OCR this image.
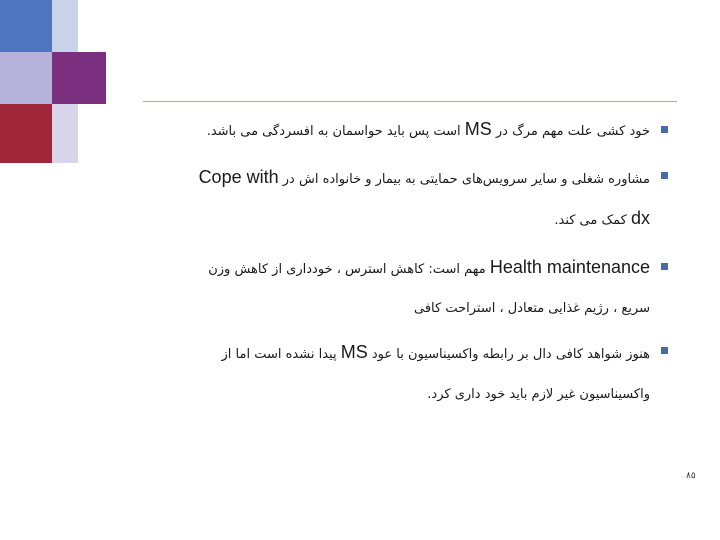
خود کشی علت مهم مرگ در MS است پس باید حواسمان به افسردگی می باشد.
مشاوره شغلی و سایر سرویس‌های حمایتی به بیمار و خانواده اش در Cope with
dx کمک می کند.
Health maintenance مهم است: کاهش استرس ، خودداری از کاهش وزن
سریع ، رژیم غذایی متعادل ، استراحت کافی
هنوز شواهد کافی دال بر رابطه واکسیناسیون با عود MS پیدا نشده است اما از
واکسیناسیون غیر لازم باید خود داری کرد.
٨٥
